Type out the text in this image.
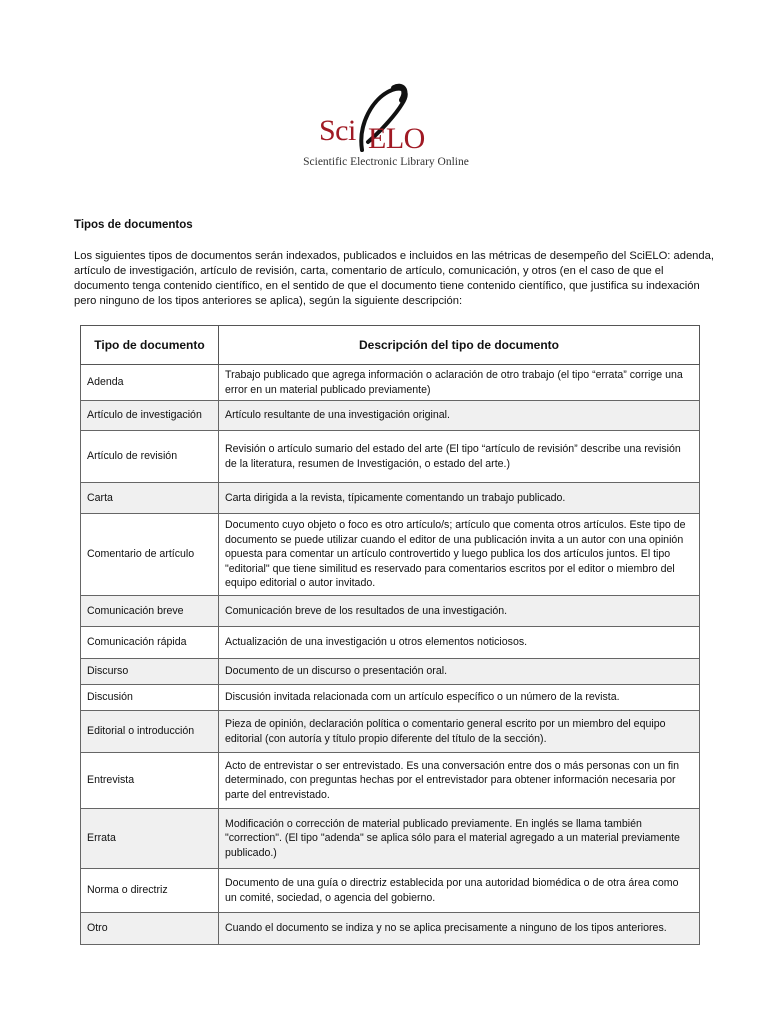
Sci ELO
Scientific Electronic Library Online
Tipos de documentos
Los siguientes tipos de documentos serán indexados, publicados e incluidos en las métricas de desempeño del SciELO: adenda, artículo de investigación, artículo de revisión, carta, comentario de artículo, comunicación, y otros (en el caso de que el documento tenga contenido científico, en el sentido de que el documento tiene contenido científico, que justifica su indexación pero ninguno de los tipos anteriores se aplica), según la siguiente descripción:
Tipo de documento	Descripción del tipo de documento
Adenda	Trabajo publicado que agrega información o aclaración de otro trabajo (el tipo “errata” corrige una error en un material publicado previamente)
Artículo de investigación	Artículo resultante de una investigación original.
Artículo de revisión	Revisión o artículo sumario del estado del arte (El tipo “artículo de revisión” describe una revisión de la literatura, resumen de Investigación, o estado del arte.)
Carta	Carta dirigida a la revista, típicamente comentando un trabajo publicado.
Comentario de artículo	Documento cuyo objeto o foco es otro artículo/s; artículo que comenta otros artículos. Este tipo de documento se puede utilizar cuando el editor de una publicación invita a un autor con una opinión opuesta para comentar un artículo controvertido y luego publica los dos artículos juntos. El tipo "editorial" que tiene similitud es reservado para comentarios escritos por el editor o miembro del equipo editorial o autor invitado.
Comunicación breve	Comunicación breve de los resultados de una investigación.
Comunicación rápida	Actualización de una investigación u otros elementos noticiosos.
Discurso	Documento de un discurso o presentación oral.
Discusión	Discusión invitada relacionada com un artículo específico o un número de la revista.
Editorial o introducción	Pieza de opinión, declaración política o comentario general escrito por un miembro del equipo editorial (con autoría y título propio diferente del título de la sección).
Entrevista	Acto de entrevistar o ser entrevistado. Es una conversación entre dos o más personas con un fin determinado, con preguntas hechas por el entrevistador para obtener información necesaria por parte del entrevistado.
Errata	Modificación o corrección de material publicado previamente. En inglés se llama también "correction". (El tipo "adenda" se aplica sólo para el material agregado a un material previamente publicado.)
Norma o directriz	Documento de una guía o directriz establecida por una autoridad biomédica o de otra área como un comité, sociedad, o agencia del gobierno.
Otro	Cuando el documento se indiza y no se aplica precisamente a ninguno de los tipos anteriores.
